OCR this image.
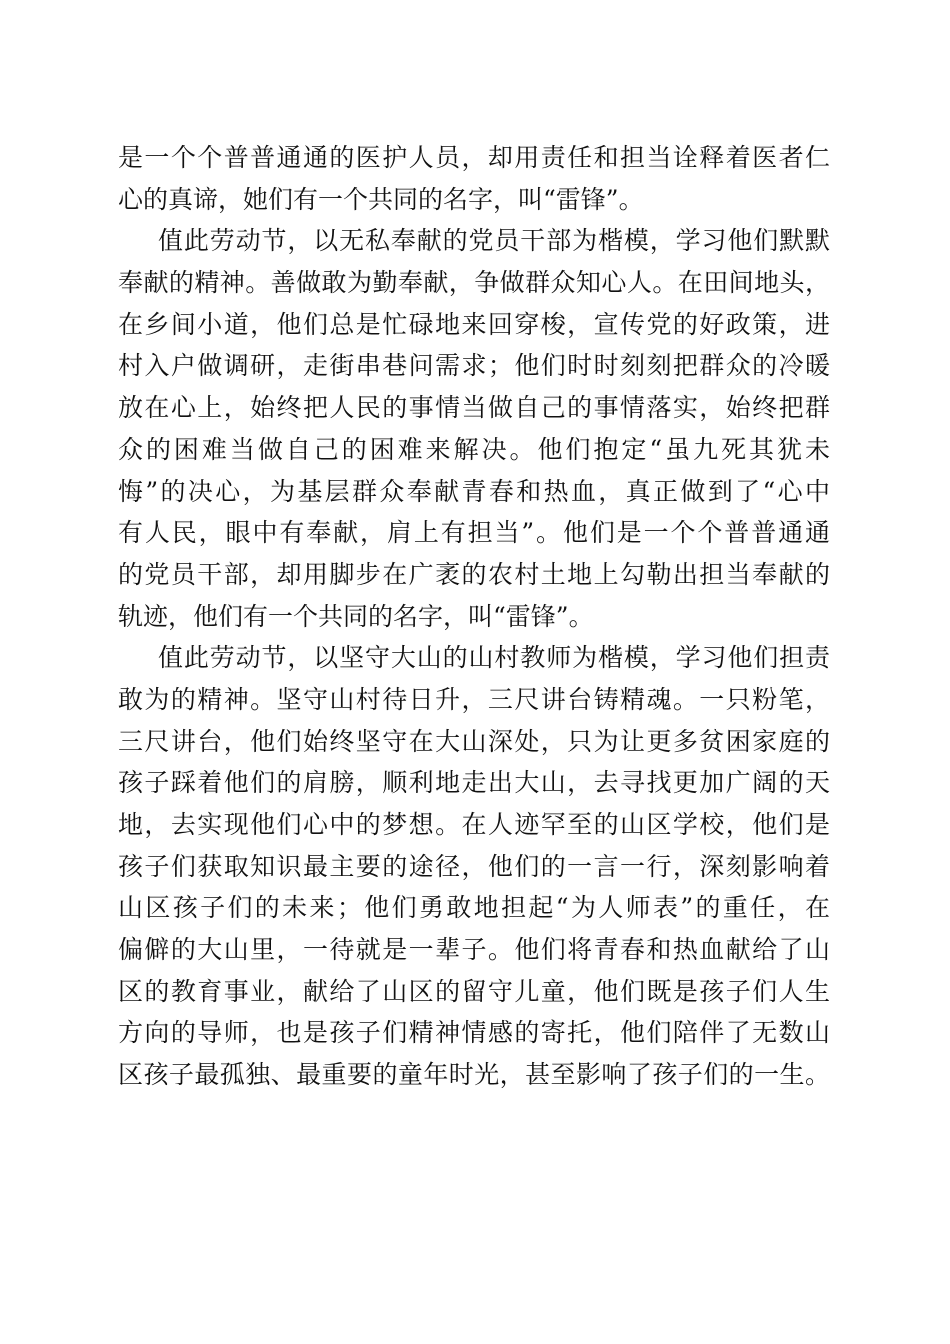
是一个个普普通通的医护人员，却用责任和担当诠释着医者仁
心的真谛，她们有一个共同的名字，叫“雷锋”。
值此劳动节，以无私奉献的党员干部为楷模，学习他们默默
奉献的精神。善做敢为勤奉献，争做群众知心人。在田间地头，
在乡间小道，他们总是忙碌地来回穿梭，宣传党的好政策，进
村入户做调研，走街串巷问需求；他们时时刻刻把群众的冷暖
放在心上，始终把人民的事情当做自己的事情落实，始终把群
众的困难当做自己的困难来解决。他们抱定“虽九死其犹未
悔”的决心，为基层群众奉献青春和热血，真正做到了“心中
有人民，眼中有奉献，肩上有担当”。他们是一个个普普通通
的党员干部，却用脚步在广袤的农村土地上勾勒出担当奉献的
轨迹，他们有一个共同的名字，叫“雷锋”。
值此劳动节，以坚守大山的山村教师为楷模，学习他们担责
敢为的精神。坚守山村待日升，三尺讲台铸精魂。一只粉笔，
三尺讲台，他们始终坚守在大山深处，只为让更多贫困家庭的
孩子踩着他们的肩膀，顺利地走出大山，去寻找更加广阔的天
地，去实现他们心中的梦想。在人迹罕至的山区学校，他们是
孩子们获取知识最主要的途径，他们的一言一行，深刻影响着
山区孩子们的未来；他们勇敢地担起“为人师表”的重任，在
偏僻的大山里，一待就是一辈子。他们将青春和热血献给了山
区的教育事业，献给了山区的留守儿童，他们既是孩子们人生
方向的导师，也是孩子们精神情感的寄托，他们陪伴了无数山
区孩子最孤独、最重要的童年时光，甚至影响了孩子们的一生。
